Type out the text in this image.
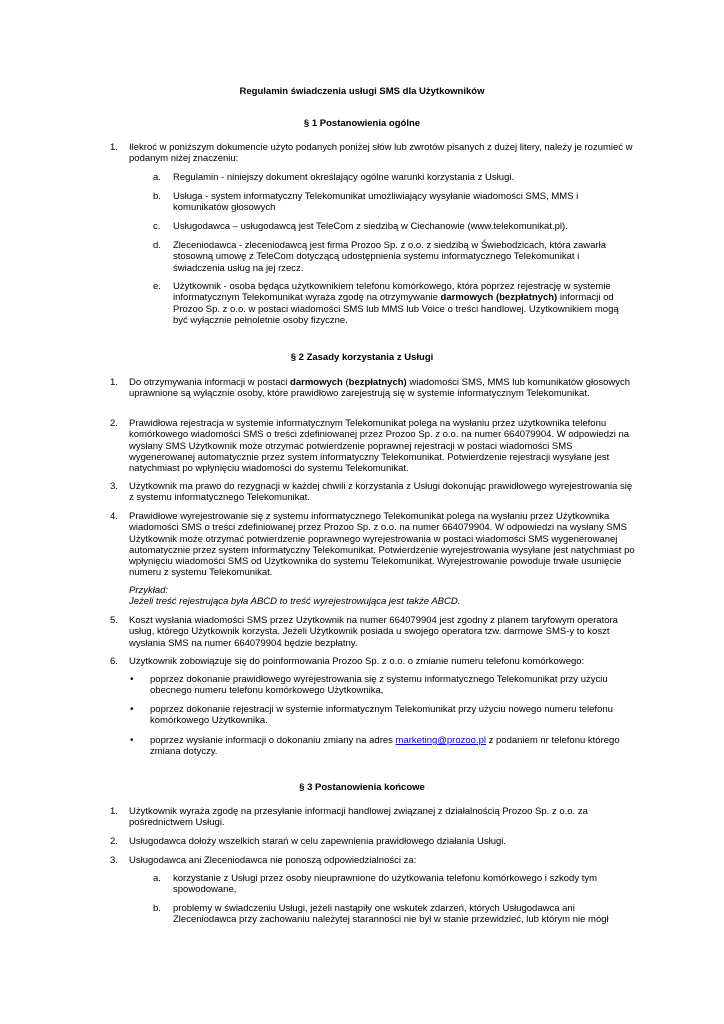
Regulamin świadczenia usługi SMS dla Użytkowników
§ 1 Postanowienia ogólne
1. Ilekroć w poniższym dokumencie użyto podanych poniżej słów lub zwrotów pisanych z dużej litery, należy je rozumieć w podanym niżej znaczeniu:
a. Regulamin - niniejszy dokument określający ogólne warunki korzystania z Usługi.
b. Usługa - system informatyczny Telekomunikat umożliwiający wysyłanie wiadomości SMS, MMS i komunikatów głosowych
c. Usługodawca – usługodawcą jest TeleCom z siedzibą w Ciechanowie (www.telekomunikat.pl).
d. Zleceniodawca - zleceniodawcą jest firma Prozoo Sp. z o.o. z siedzibą w Świebodzicach, która zawarła stosowną umowę z TeleCom dotyczącą udostępnienia systemu informatycznego Telekomunikat i świadczenia usług na jej rzecz.
e. Użytkownik - osoba będąca użytkownikiem telefonu komórkowego, która poprzez rejestrację w systemie informatycznym Telekomunikat wyraża zgodę na otrzymywanie darmowych (bezpłatnych) informacji od Prozoo Sp. z o.o. w postaci wiadomości SMS lub MMS lub Voice o treści handlowej. Użytkownikiem mogą być wyłącznie pełnoletnie osoby fizyczne.
§ 2 Zasady korzystania z Usługi
1. Do otrzymywania informacji w postaci darmowych (bezpłatnych) wiadomości SMS, MMS lub komunikatów głosowych uprawnione są wyłącznie osoby, które prawidłowo zarejestrują się w systemie informatycznym Telekomunikat.
2. Prawidłowa rejestracja w systemie informatycznym Telekomunikat polega na wysłaniu przez użytkownika telefonu komórkowego wiadomości SMS o treści zdefiniowanej przez Prozoo Sp. z o.o. na numer 664079904. W odpowiedzi na wysłany SMS Użytkownik może otrzymać potwierdzenie poprawnej rejestracji w postaci wiadomości SMS wygenerowanej automatycznie przez system informatyczny Telekomunikat. Potwierdzenie rejestracji wysyłane jest natychmiast po wpłynięciu wiadomości do systemu Telekomunikat.
3. Użytkownik ma prawo do rezygnacji w każdej chwili z korzystania z Usługi dokonując prawidłowego wyrejestrowania się z systemu informatycznego Telekomunikat.
4. Prawidłowe wyrejestrowanie się z systemu informatycznego Telekomunikat polega na wysłaniu przez Użytkownika wiadomości SMS o treści zdefiniowanej przez Prozoo Sp. z o.o. na numer 664079904. W odpowiedzi na wysłany SMS Użytkownik może otrzymać potwierdzenie poprawnego wyrejestrowania w postaci wiadomości SMS wygenerowanej automatycznie przez system informatyczny Telekomunikat. Potwierdzenie wyrejestrowania wysyłane jest natychmiast po wpłynięciu wiadomości SMS od Użytkownika do systemu Telekomunikat. Wyrejestrowanie powoduje trwałe usunięcie numeru z systemu Telekomunikat.
Przykład:
Jeżeli treść rejestrująca była ABCD to treść wyrejestrowująca jest także ABCD.
5. Koszt wysłania wiadomości SMS przez Użytkownik na numer 664079904 jest zgodny z planem taryfowym operatora usług, którego Użytkownik korzysta. Jeżeli Użytkownik posiada u swojego operatora tzw. darmowe SMS-y to koszt wysłania SMS na numer 664079904 będzie bezpłatny.
6. Użytkownik zobowiązuje się do poinformowania Prozoo Sp. z o.o. o zmianie numeru telefonu komórkowego:
• poprzez dokonanie prawidłowego wyrejestrowania się z systemu informatycznego Telekomunikat przy użyciu obecnego numeru telefonu komórkowego Użytkownika,
• poprzez dokonanie rejestracji w systemie informatycznym Telekomunikat przy użyciu nowego numeru telefonu komórkowego Użytkownika.
• poprzez wysłanie informacji o dokonaniu zmiany na adres marketing@prozoo.pl z podaniem nr telefonu którego zmiana dotyczy.
§ 3 Postanowienia końcowe
1. Użytkownik wyraża zgodę na przesyłanie informacji handlowej związanej z działalnością Prozoo Sp. z o.o. za pośrednictwem Usługi.
2. Usługodawca dołoży wszelkich starań w celu zapewnienia prawidłowego działania Usługi.
3. Usługodawca ani Zleceniodawca nie ponoszą odpowiedzialności za:
a. korzystanie z Usługi przez osoby nieuprawnione do użytkowania telefonu komórkowego i szkody tym spowodowane,
b. problemy w świadczeniu Usługi, jeżeli nastąpiły one wskutek zdarzeń, których Usługodawca ani Zleceniodawca przy zachowaniu należytej staranności nie był w stanie przewidzieć, lub którym nie mógł
